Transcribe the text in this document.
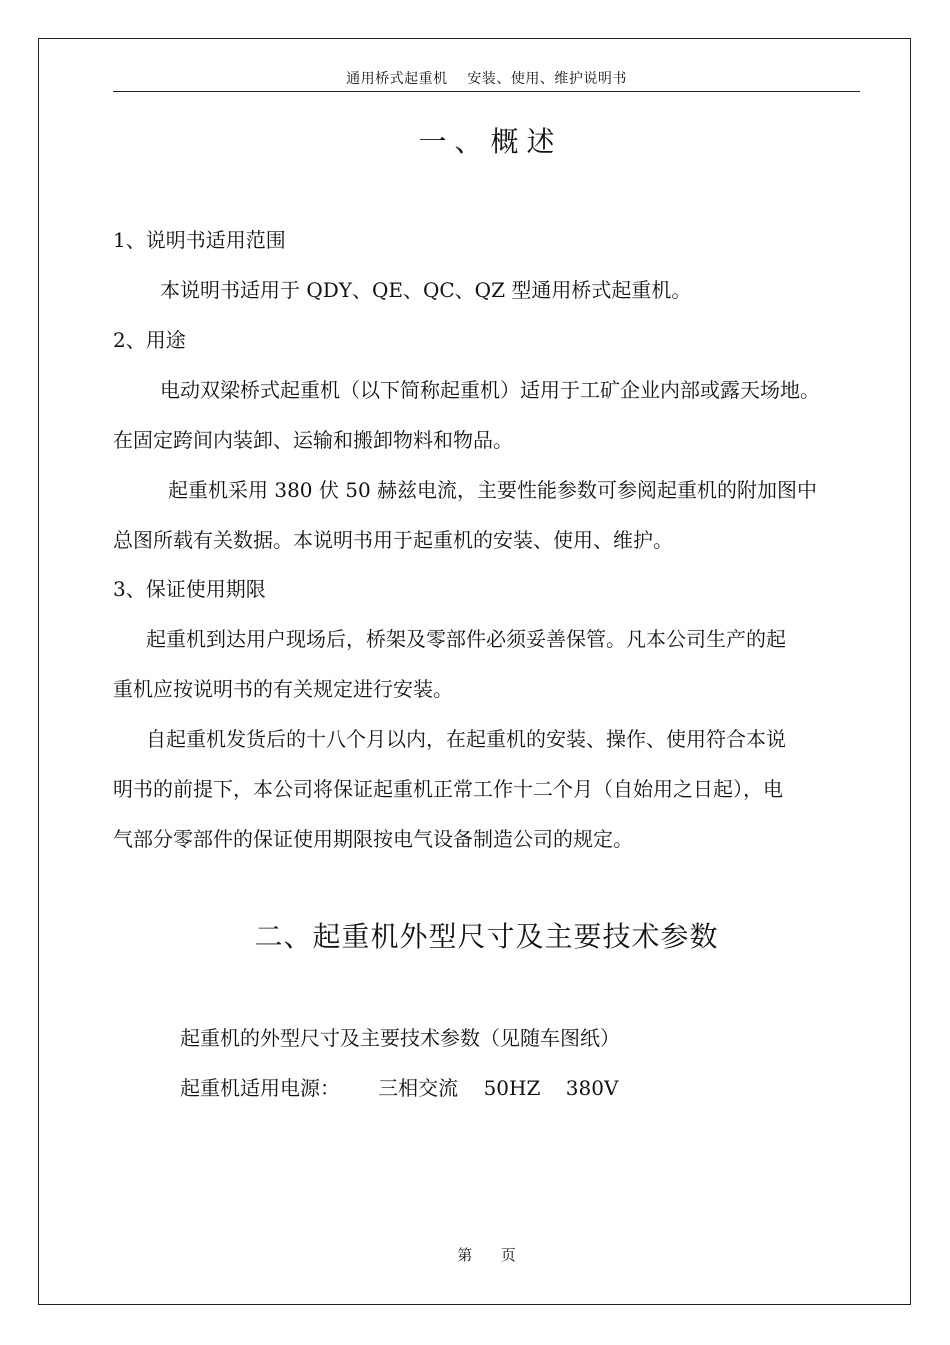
通用桥式起重机    安装、使用、维护说明书
一、概述
1、说明书适用范围
本说明书适用于 QDY、QE、QC、QZ 型通用桥式起重机。
2、用途
电动双梁桥式起重机（以下简称起重机）适用于工矿企业内部或露天场地。
在固定跨间内装卸、运输和搬卸物料和物品。
起重机采用 380 伏 50 赫兹电流，主要性能参数可参阅起重机的附加图中
总图所载有关数据。本说明书用于起重机的安装、使用、维护。
3、保证使用期限
起重机到达用户现场后，桥架及零部件必须妥善保管。凡本公司生产的起
重机应按说明书的有关规定进行安装。
自起重机发货后的十八个月以内，在起重机的安装、操作、使用符合本说
明书的前提下，本公司将保证起重机正常工作十二个月（自始用之日起），电
气部分零部件的保证使用期限按电气设备制造公司的规定。
二、起重机外型尺寸及主要技术参数
起重机的外型尺寸及主要技术参数（见随车图纸）
起重机适用电源：      三相交流    50HZ    380V
第      页
